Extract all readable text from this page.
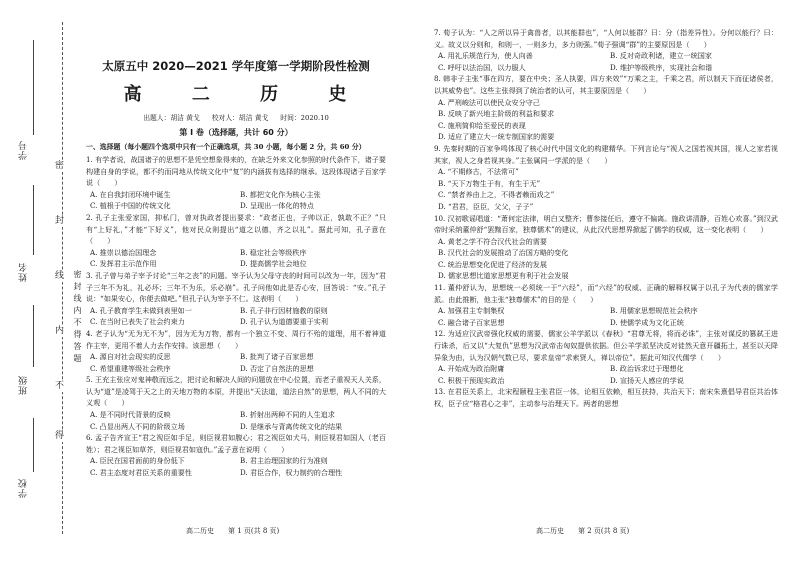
密
封
线
内
不
得
学校
班级
姓名
学号
密封线内不得答题
太原五中 2020—2021 学年度第一学期阶段性检测
高 二 历 史
出题人：胡洁 黄戈 校对人：胡洁 黄戈 时间：2020.10
第 I 卷（选择题，共计 60 分）
一、选择题（每小题四个选项中只有一个正确选项，共 30 小题，每小题 2 分，共 60 分）
1. 有学者说，战国诸子的思想不是凭空想象得来的，在缺乏外来文化参照的时代条件下，诸子要构建自身的学说，都不约而同地从传统文化中“复”的内涵拔有选择的继承。这段体现诸子百家学说（　　）
A. 在自我封闭环境中诞生	B. 都把文化作为核心主张
C. 植根于中国的传统文化	D. 呈现出一体化的特点
2. 孔子主张爱家国，抑私门，曾对执政者提出要求：“政者正也，子帅以正，孰敢不正？”只有“上好礼，”才能“下好义”，他对民众则提出“道之以德，齐之以礼”。据此可知，孔子意在（　　）
A. 推崇以德治国理念	B. 稳定社会等级秩序
C. 发挥君主示范作用	D. 提高儒学社会地位
3. 孔子曾与弟子宰予讨论“三年之丧”的问题。宰予认为父母守丧的时间可以改为一年，因为“君子三年不为礼，礼必坏；三年不为乐，乐必崩”。孔子问他如此是否心安，回答说：“安。”孔子说：“如果安心，你便去做吧。”但孔子认为宰予不仁。这表明（　　）
A. 孔子教育学生未做到表里如一	B. 孔子非行因材施教的原则
C. 在当时已表失了社会约束力	D. 孔子认为道德要重于实利
4. 老子认为“无为无不为”，因为无为万物，都有一个独立不变、周行不殆的道理，用不着神道作主宰，更用不着人力去作安排。该思想（　　）
A. 源自对社会现实的反思	B. 批判了诸子百家思想
C. 希望重建等级社会秩序	D. 否定了自然法的思想
5. 王充主张应对鬼神敬而远之，把讨论和解决人间的问题放在中心位置，而老子重视天人关系，认为“道”是凌驾于天之上的天地万物的本原，并提出“天法道，道法自然”的思想，两人不同的大义观（　　）
A. 是不同时代背景的反映	B. 折射出两种不同的人生追求
C. 凸显出两人不同的阶级立场	D. 是继承与背离传统文化的结果
6. 孟子告齐宣王“君之视臣如手足，则臣视君如腹心；君之视臣如犬马，则臣视君如国人（老百姓）；君之视臣如草芥，则臣视君如寇仇。”孟子意在说明（　　）
A. 臣民在国君面前的身份低下	B. 君主治理国家的行为准则
C. 君主态度对君臣关系的重要性	D. 君臣合作，权力制约的合理性
高二历史　　第 1 页(共 8 页)
7. 荀子认为：“人之所以异于禽兽者，以其能群也”，“人何以能群？曰：分（指差异性）。分何以能行？曰：义。故义以分则和，和则一，一则多力，多力则强。”荀子强调“群”的主要原因是（　　）
A. 用礼乐规范行为，使人向善	B. 反对奇政利诸，建立一统国家
C. 呼吁以法治国，以力服人	D. 维护等级秩序，实现社会和谐
8. 韩非子主张“事在四方，要在中央；圣人执要，四方来效”“万乘之主，千乘之君，所以制天下而征诸侯者，以其威势也”。这些主张得到了统治者的认可，其主要原因是（　　）
A. 严刑峻法可以使民众安分守己
B. 反映了新兴地主阶级的利益和要求
C. 施刑简仰给至爱民的表现
D. 适应了建立大一统专制国家的需要
9. 先秦时期的百家争鸣体现了核心时代中国文化的构建精华。下列言论与“视人之国若视其国，视人之家若视其家，视人之身若视其身。”主张属同一学派的是（　　）
A. “不期修古，不法常可”
B. “天下万物生于有，有生于无”
C. “禁者养由上之，不得者赖而戏之”
D. “君君，臣臣，父父，子子”
10. 汉初歌谣唱道：“萧何定法律，明白又整齐；曹参接任后，遵守不偏离。施政讲清静，百姓心欢喜。”到汉武帝时采纳董仲舒“罢黜百家，独尊儒术”的建议，从此汉代思想界掀起了儒学的权威，这一变化表明（　　）
A. 黄老之学不符合汉代社会的需要
B. 汉代社会的发展推动了治国方略的变化
C. 统治思想变化促进了经济的发展
D. 儒家思想比道家思想更有利于社会发展
11. 董仲舒认为，思想统一必须统一于“六经”，而“六经”的权威、正确的解释权属于以孔子为代表的儒家学派。由此推断，他主张“独尊儒术”的目的是（　　）
A. 加强君主专制集权	B. 用儒家思想规范社会秩序
C. 融合诸子百家思想	D. 使儒学成为文化正统
12. 为适应汉武帝强化权威的需要，儒家公羊学派以《春秋》“君尊无将，将而必诛”，主张对谋反的篡弑王进行诛杀，后又以“大复仇”思想为汉武帝击匈奴提供依据。但公羊学派坚决反对徒然天意开疆拓土，甚至以天降异象为由，认为汉朝气数已尽，要求皇帝“求索贤人，禅以帝位”。据此可知汉代儒学（　　）
A. 开始成为政治附庸	B. 政治诉求过于理想化
C. 积极干预现实政治	D. 宣扬天人感应的学说
13. 在君臣关系上，北宋程颐程主张君臣一体，论相互依赖，相互扶持，共治天下；南宋朱熹倡导君臣共治体权，臣子应“格君心之非”，主动参与治理天下。两者的思想
高二历史　　第 2 页(共 8 页)
